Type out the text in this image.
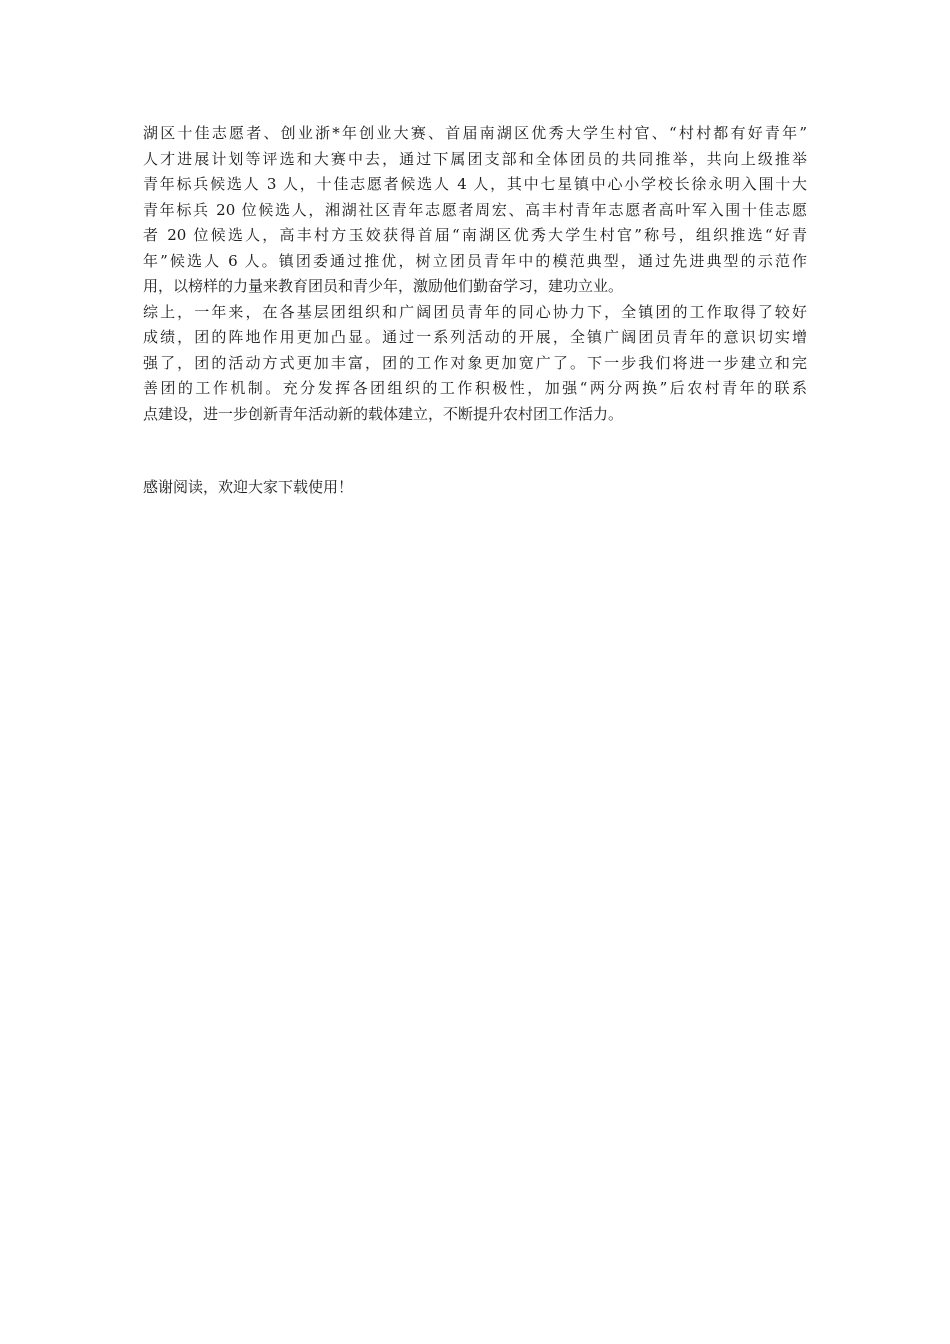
湖区十佳志愿者、创业浙*年创业大赛、首届南湖区优秀大学生村官、“村村都有好青年”
人才进展计划等评选和大赛中去，通过下属团支部和全体团员的共同推举，共向上级推举
青年标兵候选人 3 人，十佳志愿者候选人 4 人，其中七星镇中心小学校长徐永明入围十大
青年标兵 20 位候选人，湘湖社区青年志愿者周宏、高丰村青年志愿者高叶军入围十佳志愿
者 20 位候选人，高丰村方玉姣获得首届“南湖区优秀大学生村官”称号，组织推选“好青
年”候选人 6 人。镇团委通过推优，树立团员青年中的模范典型，通过先进典型的示范作
用，以榜样的力量来教育团员和青少年，激励他们勤奋学习，建功立业。
综上，一年来，在各基层团组织和广阔团员青年的同心协力下，全镇团的工作取得了较好
成绩，团的阵地作用更加凸显。通过一系列活动的开展，全镇广阔团员青年的意识切实增
强了，团的活动方式更加丰富，团的工作对象更加宽广了。下一步我们将进一步建立和完
善团的工作机制。充分发挥各团组织的工作积极性，加强“两分两换”后农村青年的联系
点建设，进一步创新青年活动新的载体建立，不断提升农村团工作活力。
感谢阅读，欢迎大家下载使用！
